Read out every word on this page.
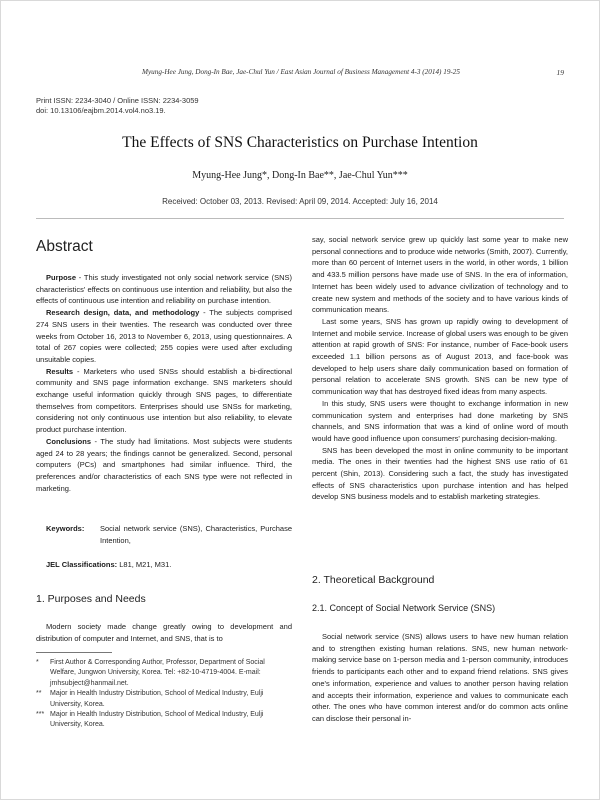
Myung-Hee Jung, Dong-In Bae, Jae-Chul Yun / East Asian Journal of Business Management 4-3 (2014) 19-25	19
Print ISSN: 2234-3040 / Online ISSN: 2234-3059
doi: 10.13106/eajbm.2014.vol4.no3.19.
The Effects of SNS Characteristics on Purchase Intention
Myung-Hee Jung*, Dong-In Bae**, Jae-Chul Yun***
Received: October 03, 2013. Revised: April 09, 2014. Accepted: July 16, 2014
Abstract

Purpose - This study investigated not only social network service (SNS) characteristics' effects on continuous use intention and reliability, but also the effects of continuous use intention and reliability on purchase intention.

Research design, data, and methodology - The subjects comprised 274 SNS users in their twenties. The research was conducted over three weeks from October 16, 2013 to November 6, 2013, using questionnaires. A total of 267 copies were collected; 255 copies were used after excluding unsuitable copies.

Results - Marketers who used SNSs should establish a bi-directional community and SNS page information exchange. SNS marketers should exchange useful information quickly through SNS pages, to differentiate themselves from competitors. Enterprises should use SNSs for marketing, considering not only continuous use intention but also reliability, to elevate product purchase intention.

Conclusions - The study had limitations. Most subjects were students aged 24 to 28 years; the findings cannot be generalized. Second, personal computers (PCs) and smartphones had similar influence. Third, the preferences and/or characteristics of each SNS type were not reflected in marketing.

Keywords:	Social network service (SNS), Characteristics, Purchase Intention,

JEL Classifications: L81, M21, M31.

1. Purposes and Needs

Modern society made change greatly owing to development and distribution of computer and Internet, and SNS, that is to

*	First Author & Corresponding Author, Professor, Department of Social Welfare, Jungwon University, Korea. Tel: +82-10-4719-4004. E-mail: jmhsubject@hanmail.net.

**	Major in Health Industry Distribution, School of Medical Industry, Eulji University, Korea.

*** Major in Health Industry Distribution, School of Medical Industry, Eulji University, Korea.

say, social network service grew up quickly last some year to make new personal connections and to produce wide networks (Smith, 2007). Currently, more than 60 percent of Internet users in the world, in other words, 1 billion and 433.5 million persons have made use of SNS. In the era of information, Internet has been widely used to advance civilization of technology and to create new system and methods of the society and to have various kinds of communication means.

Last some years, SNS has grown up rapidly owing to development of Internet and mobile service. Increase of global users was enough to be given attention at rapid growth of SNS: For instance, number of Face-book users exceeded 1.1 billion persons as of August 2013, and face-book was developed to help users share daily communication based on formation of personal relation to accelerate SNS growth. SNS can be new type of communication way that has destroyed fixed ideas from many aspects.

In this study, SNS users were thought to exchange information in new communication system and enterprises had done marketing by SNS channels, and SNS information that was a kind of online word of mouth would have good influence upon consumers' purchasing decision-making.

SNS has been developed the most in online community to be important media. The ones in their twenties had the highest SNS use ratio of 61 percent (Shin, 2013). Considering such a fact, the study has investigated effects of SNS characteristics upon purchase intention and has helped develop SNS business models and to establish marketing strategies.

2. Theoretical Background
2.1. Concept of Social Network Service (SNS)

Social network service (SNS) allows users to have new human relation and to strengthen existing human relations. SNS, new human network-making service base on 1-person media and 1-person community, introduces friends to participants each other and to expand friend relations. SNS gives one's information, experience and values to another person having relation and accepts their information, experience and values to communicate each other. The ones who have common interest and/or do common acts online can disclose their personal in-
